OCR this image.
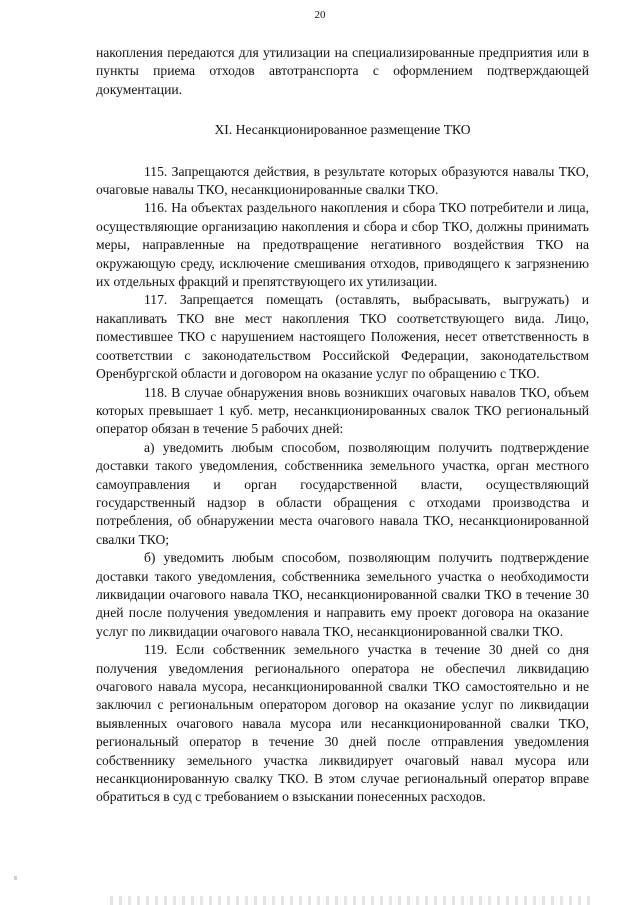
20

накопления передаются для утилизации на специализированные предприятия или в пункты приема отходов автотранспорта с оформлением подтверждающей документации.

XI. Несанкционированное размещение ТКО

115. Запрещаются действия, в результате которых образуются навалы ТКО, очаговые навалы ТКО, несанкционированные свалки ТКО.

116. На объектах раздельного накопления и сбора ТКО потребители и лица, осуществляющие организацию накопления и сбора и сбор ТКО, должны принимать меры, направленные на предотвращение негативного воздействия ТКО на окружающую среду, исключение смешивания отходов, приводящего к загрязнению их отдельных фракций и препятствующего их утилизации.

117. Запрещается помещать (оставлять, выбрасывать, выгружать) и накапливать ТКО вне мест накопления ТКО соответствующего вида. Лицо, поместившее ТКО с нарушением настоящего Положения, несет ответственность в соответствии с законодательством Российской Федерации, законодательством Оренбургской области и договором на оказание услуг по обращению с ТКО.

118. В случае обнаружения вновь возникших очаговых навалов ТКО, объем которых превышает 1 куб. метр, несанкционированных свалок ТКО региональный оператор обязан в течение 5 рабочих дней:

а) уведомить любым способом, позволяющим получить подтверждение доставки такого уведомления, собственника земельного участка, орган местного самоуправления и орган государственной власти, осуществляющий государственный надзор в области обращения с отходами производства и потребления, об обнаружении места очагового навала ТКО, несанкционированной свалки ТКО;

б) уведомить любым способом, позволяющим получить подтверждение доставки такого уведомления, собственника земельного участка о необходимости ликвидации очагового навала ТКО, несанкционированной свалки ТКО в течение 30 дней после получения уведомления и направить ему проект договора на оказание услуг по ликвидации очагового навала ТКО, несанкционированной свалки ТКО.

119. Если собственник земельного участка в течение 30 дней со дня получения уведомления регионального оператора не обеспечил ликвидацию очагового навала мусора, несанкционированной свалки ТКО самостоятельно и не заключил с региональным оператором договор на оказание услуг по ликвидации выявленных очагового навала мусора или несанкционированной свалки ТКО, региональный оператор в течение 30 дней после отправления уведомления собственнику земельного участка ликвидирует очаговый навал мусора или несанкционированную свалку ТКО. В этом случае региональный оператор вправе обратиться в суд с требованием о взыскании понесенных расходов.
